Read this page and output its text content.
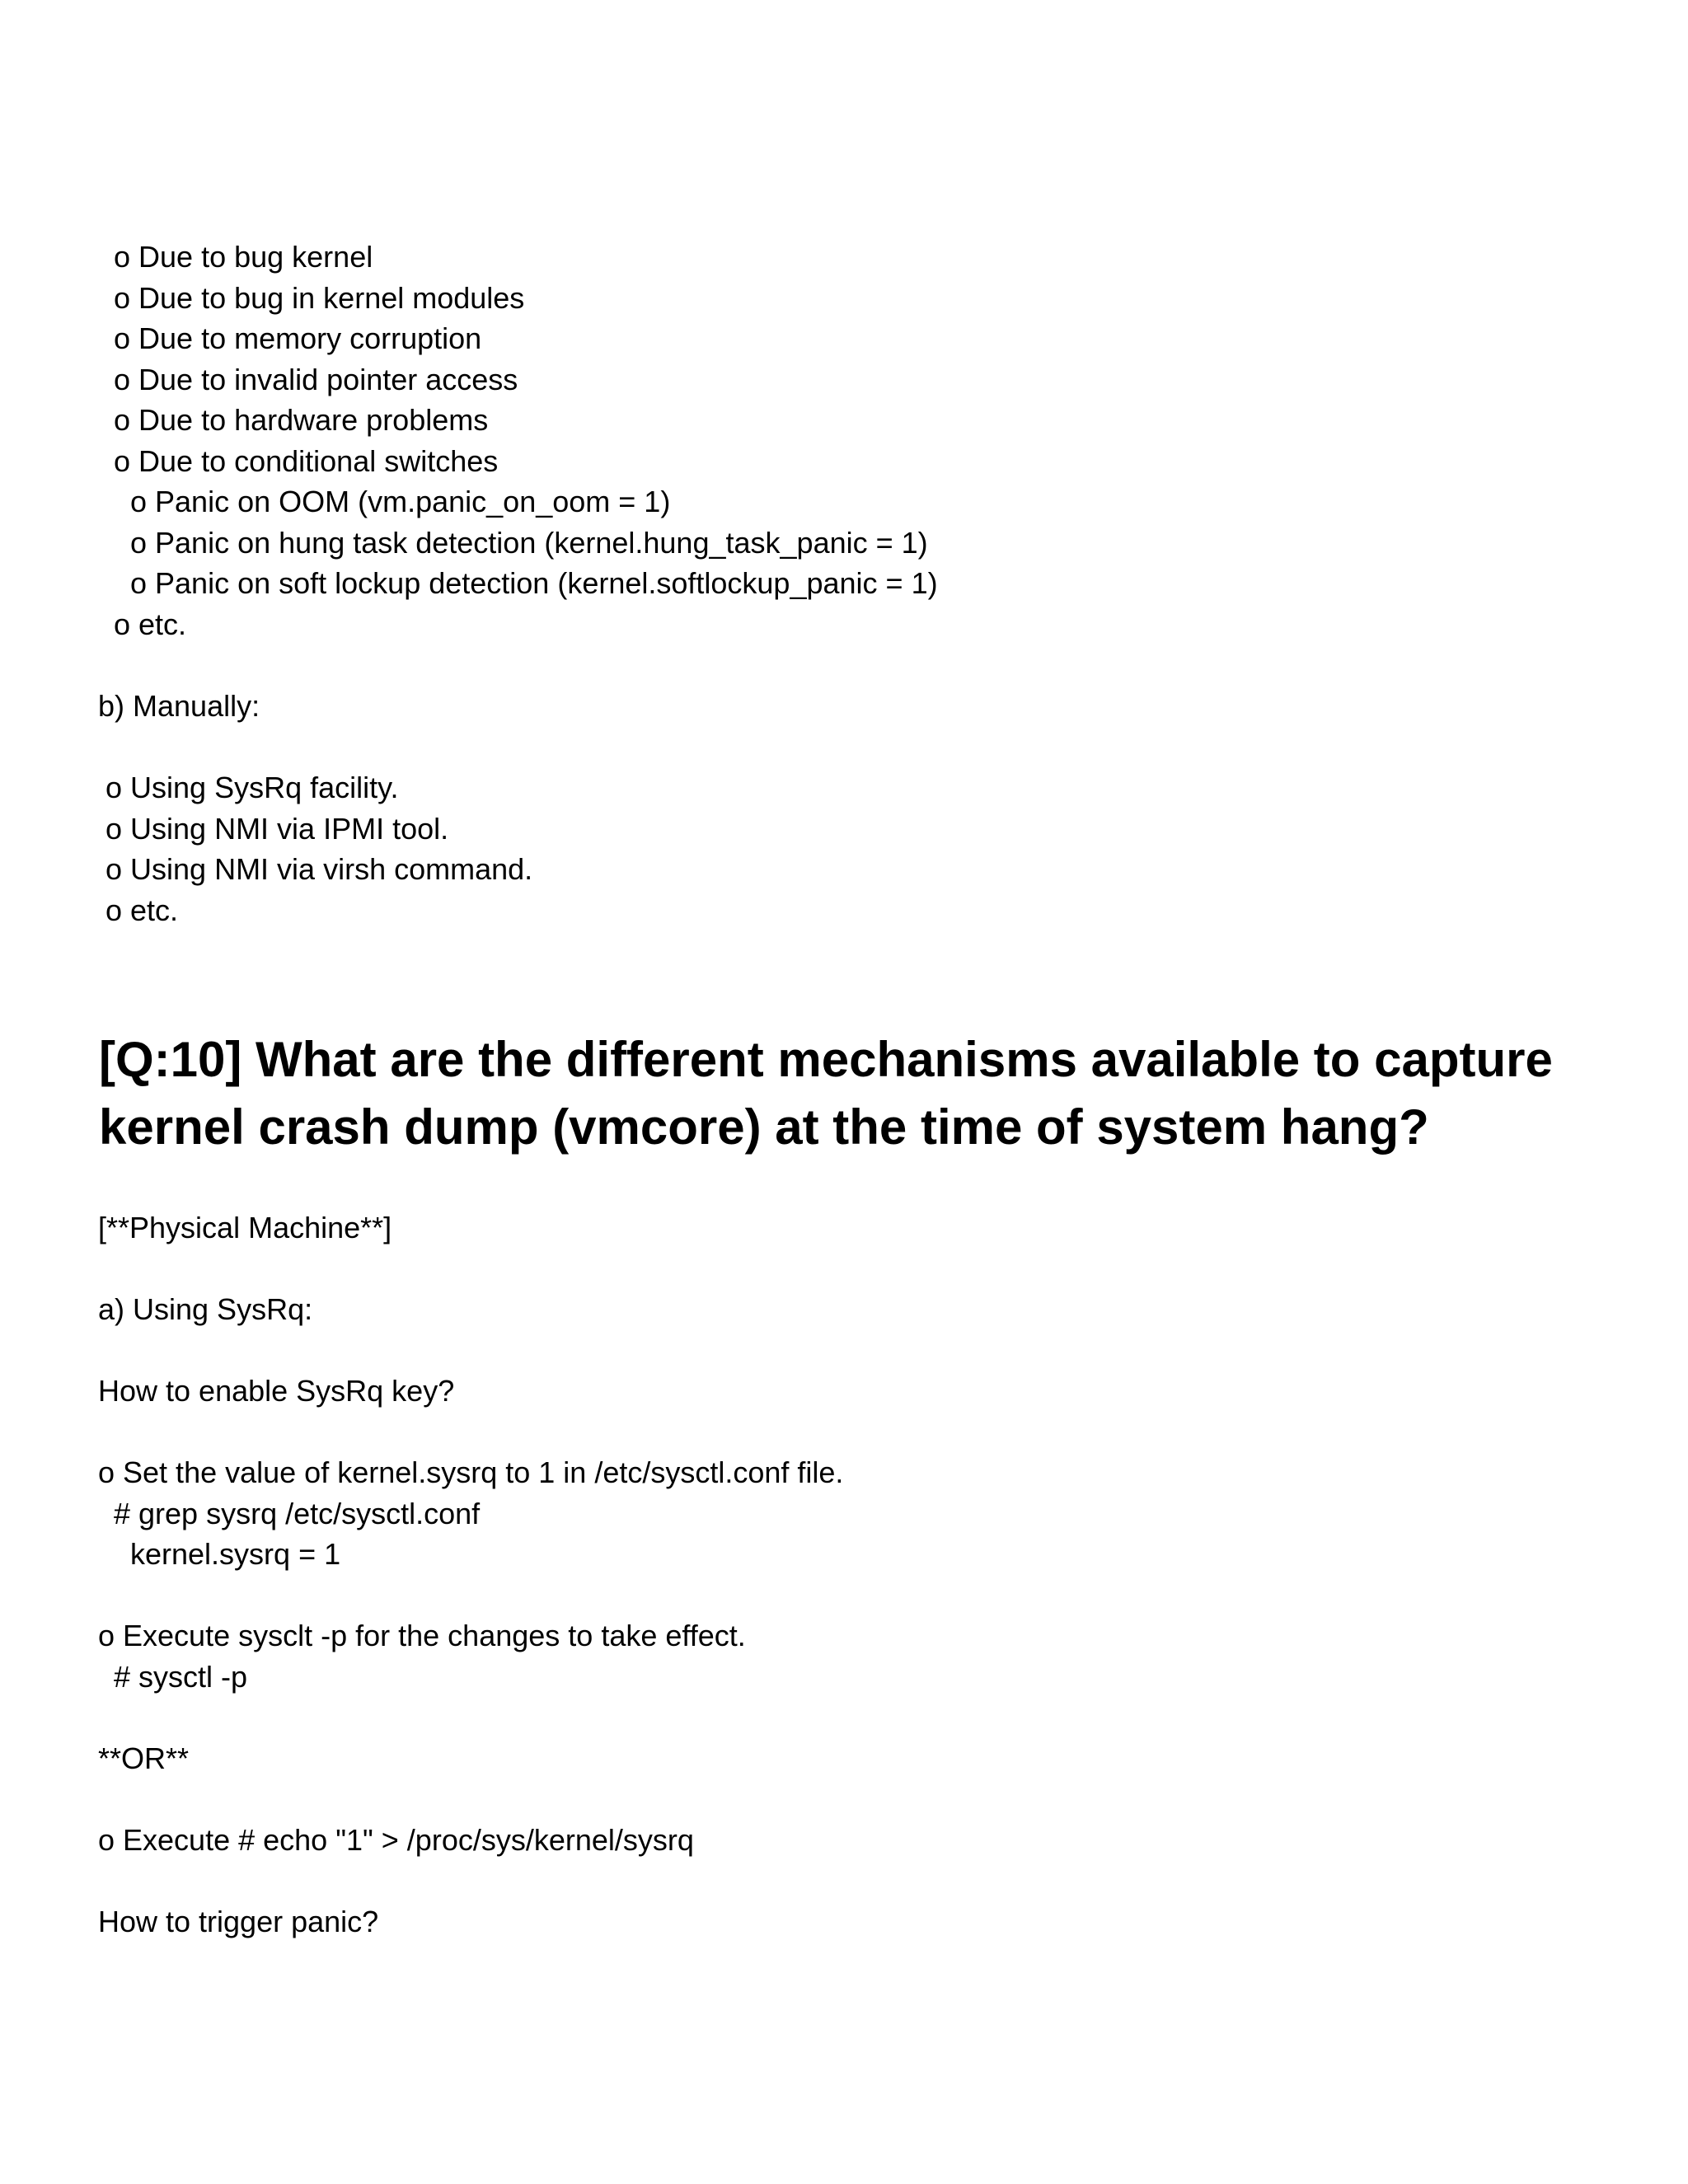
o Due to bug kernel

o Due to bug in kernel modules

o Due to memory corruption

o Due to invalid pointer access

o Due to hardware problems

o Due to conditional switches

o Panic on OOM (vm.panic_on_oom = 1)

o Panic on hung task detection (kernel.hung_task_panic = 1)

o Panic on soft lockup detection (kernel.softlockup_panic = 1)

o etc.

b) Manually:

o Using SysRq facility.

o Using NMI via IPMI tool.

o Using NMI via virsh command.

o etc.

[Q:10] What are the different mechanisms available to capture kernel crash dump (vmcore) at the time of system hang?

[**Physical Machine**]

a) Using SysRq:

How to enable SysRq key?

o Set the value of kernel.sysrq to 1 in /etc/sysctl.conf file.

# grep sysrq /etc/sysctl.conf

kernel.sysrq = 1

o Execute sysclt -p for the changes to take effect.

# sysctl -p

**OR**

o Execute # echo "1" > /proc/sys/kernel/sysrq

How to trigger panic?
